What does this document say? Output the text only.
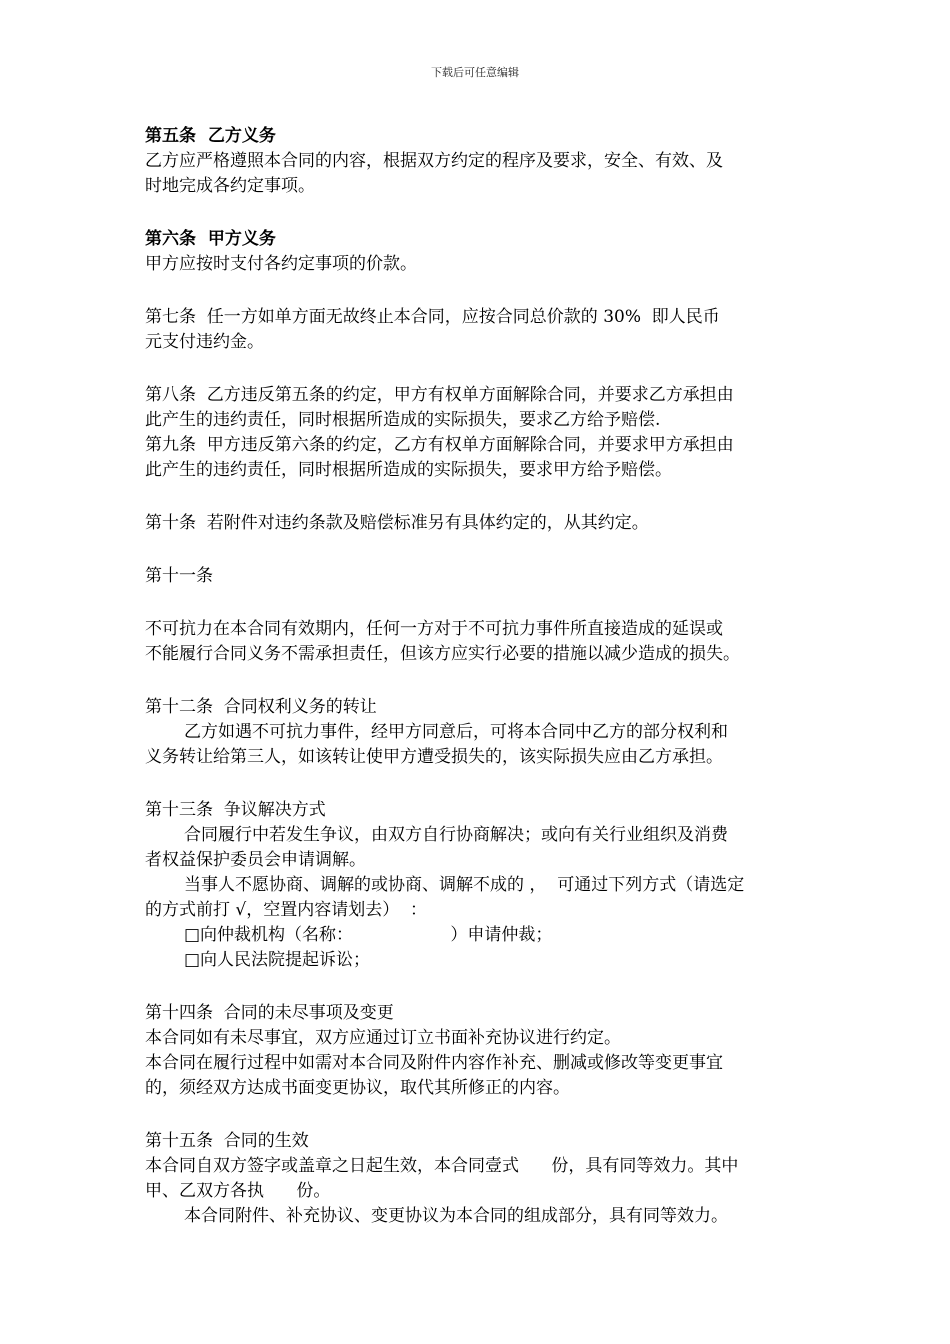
下载后可任意编辑
第五条  乙方义务
乙方应严格遵照本合同的内容，根据双方约定的程序及要求，安全、有效、及
时地完成各约定事项。
第六条  甲方义务
甲方应按时支付各约定事项的价款。
第七条  任一方如单方面无故终止本合同，应按合同总价款的 30%  即人民币
元支付违约金。
第八条  乙方违反第五条的约定，甲方有权单方面解除合同，并要求乙方承担由
此产生的违约责任，同时根据所造成的实际损失，要求乙方给予赔偿.
第九条  甲方违反第六条的约定，乙方有权单方面解除合同，并要求甲方承担由
此产生的违约责任，同时根据所造成的实际损失，要求甲方给予赔偿。
第十条  若附件对违约条款及赔偿标准另有具体约定的，从其约定。
第十一条
不可抗力在本合同有效期内，任何一方对于不可抗力事件所直接造成的延误或
不能履行合同义务不需承担责任，但该方应实行必要的措施以减少造成的损失。
第十二条  合同权利义务的转让
乙方如遇不可抗力事件，经甲方同意后，可将本合同中乙方的部分权利和
义务转让给第三人，如该转让使甲方遭受损失的，该实际损失应由乙方承担。
第十三条  争议解决方式
合同履行中若发生争议，由双方自行协商解决；或向有关行业组织及消费
者权益保护委员会申请调解。
当事人不愿协商、调解的或协商、调解不成的 ，  可通过下列方式（请选定
的方式前打 √，空置内容请划去）  ：
□向仲裁机构（名称：                  ）申请仲裁；
□向人民法院提起诉讼；
第十四条  合同的未尽事项及变更
本合同如有未尽事宜，双方应通过订立书面补充协议进行约定。
本合同在履行过程中如需对本合同及附件内容作补充、删减或修改等变更事宜
的，须经双方达成书面变更协议，取代其所修正的内容。
第十五条  合同的生效
本合同自双方签字或盖章之日起生效，本合同壹式      份，具有同等效力。其中
甲、乙双方各执      份。
本合同附件、补充协议、变更协议为本合同的组成部分，具有同等效力。
